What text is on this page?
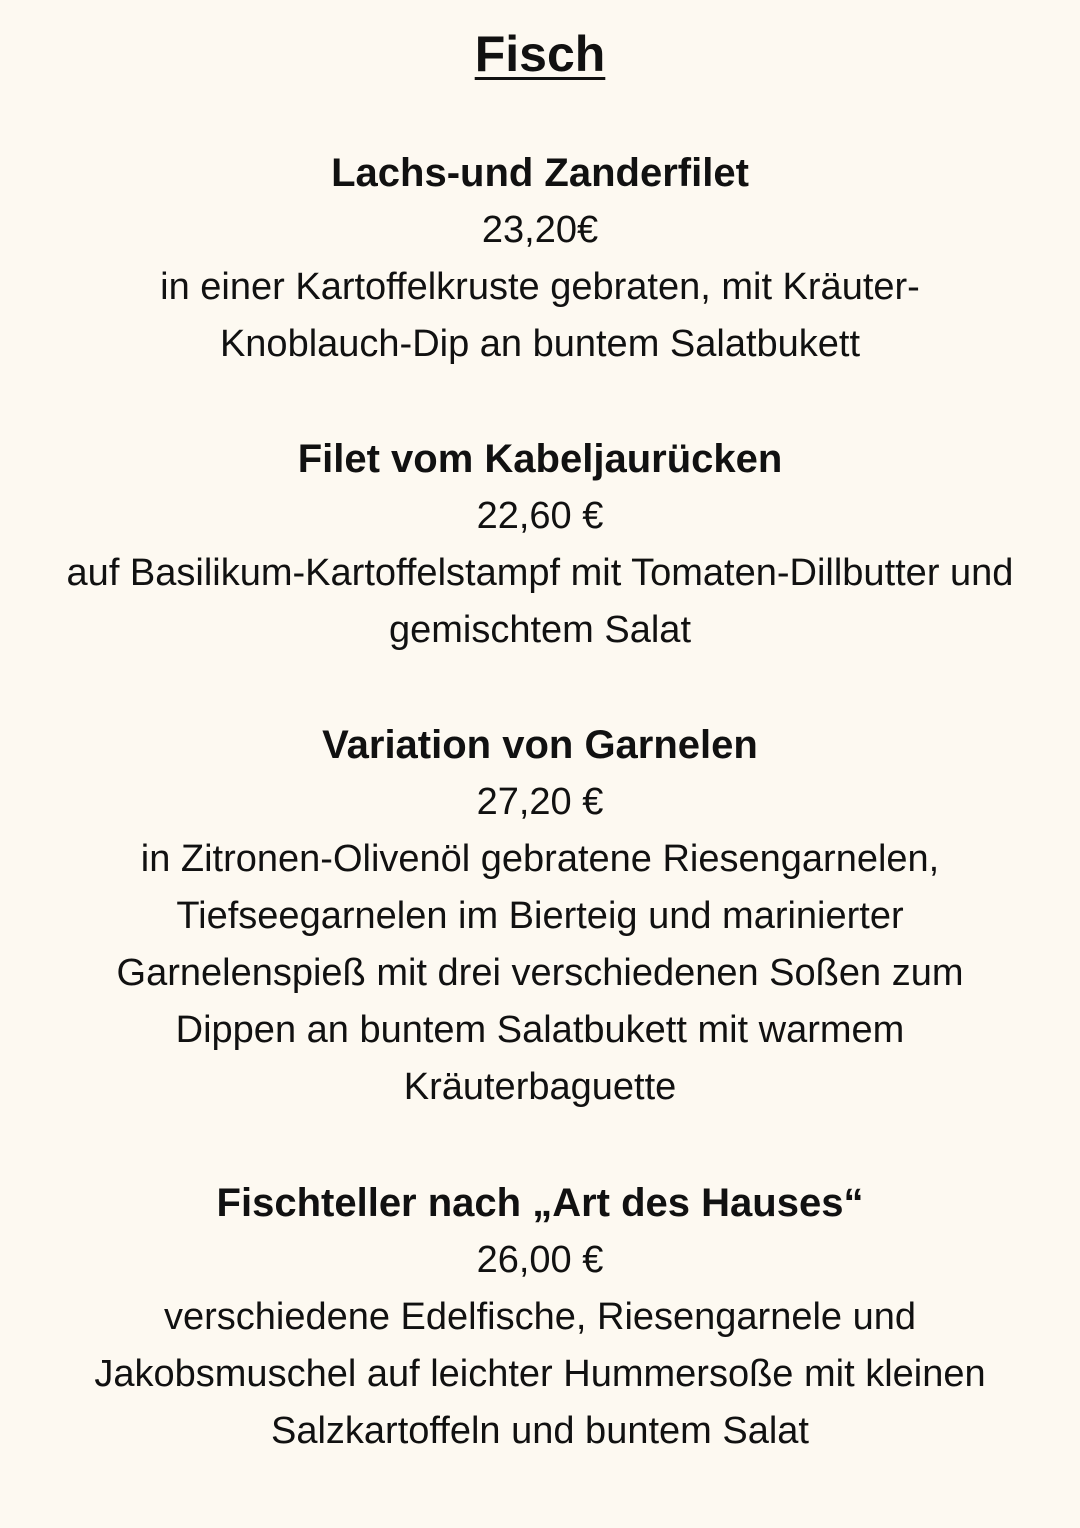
Fisch

Lachs-und Zanderfilet

23,20€

in einer Kartoffelkruste gebraten, mit Kräuter-Knoblauch-Dip an buntem Salatbukett

Filet vom Kabeljaurücken

22,60 €

auf Basilikum-Kartoffelstampf mit Tomaten-Dillbutter und gemischtem Salat

Variation von Garnelen

27,20 €

in Zitronen-Olivenöl gebratene Riesengarnelen, Tiefseegarnelen im Bierteig und marinierter Garnelenspieß mit drei verschiedenen Soßen zum Dippen an buntem Salatbukett mit warmem Kräuterbaguette

Fischteller nach „Art des Hauses“

26,00 €

verschiedene Edelfische, Riesengarnele und Jakobsmuschel auf leichter Hummersoße mit kleinen Salzkartoffeln und buntem Salat
